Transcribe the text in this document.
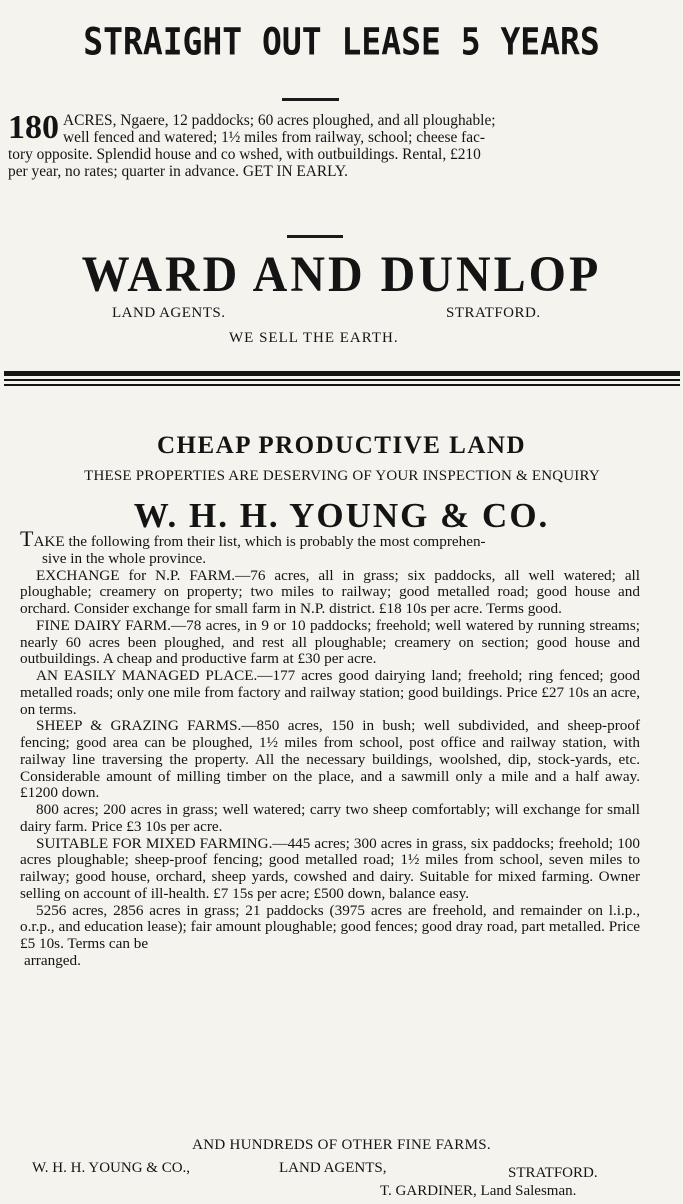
STRAIGHT OUT LEASE 5 YEARS
180 ACRES, Ngaere, 12 paddocks; 60 acres ploughed, and all ploughable;
well fenced and watered; 1½ miles from railway, school; cheese fac-
tory opposite. Splendid house and co wshed, with outbuildings. Rental, £210
per year, no rates; quarter in advance. GET IN EARLY.
WARD AND DUNLOP
LAND AGENTS.	STRATFORD.
WE SELL THE EARTH.
CHEAP PRODUCTIVE LAND
THESE PROPERTIES ARE DESERVING OF YOUR INSPECTION & ENQUIRY
W. H. H. YOUNG & CO.
TAKE the following from their list, which is probably the most comprehen-
sive in the whole province.
EXCHANGE for N.P. FARM.—76 acres, all in grass; six paddocks, all well watered; all ploughable; creamery on property; two miles to railway; good metalled road; good house and orchard. Consider exchange for small farm in N.P. district. £18 10s per acre. Terms good.
FINE DAIRY FARM.—78 acres, in 9 or 10 paddocks; freehold; well watered by running streams; nearly 60 acres been ploughed, and rest all ploughable; creamery on section; good house and outbuildings. A cheap and productive farm at £30 per acre.
AN EASILY MANAGED PLACE.—177 acres good dairying land; freehold; ring fenced; good metalled roads; only one mile from factory and railway station; good buildings. Price £27 10s an acre, on terms.
SHEEP & GRAZING FARMS.—850 acres, 150 in bush; well subdivided, and sheep-proof fencing; good area can be ploughed, 1½ miles from school, post office and railway station, with railway line traversing the property. All the necessary buildings, woolshed, dip, stock-yards, etc. Considerable amount of milling timber on the place, and a sawmill only a mile and a half away. £1200 down.
800 acres; 200 acres in grass; well watered; carry two sheep comfortably; will exchange for small dairy farm. Price £3 10s per acre.
SUITABLE FOR MIXED FARMING.—445 acres; 300 acres in grass, six paddocks; freehold; 100 acres ploughable; sheep-proof fencing; good metalled road; 1½ miles from school, seven miles to railway; good house, orchard, sheep yards, cowshed and dairy. Suitable for mixed farming. Owner selling on account of ill-health. £7 15s per acre; £500 down, balance easy.
5256 acres, 2856 acres in grass; 21 paddocks (3975 acres are freehold, and remainder on l.i.p., o.r.p., and education lease); fair amount ploughable; good fences; good dray road, part metalled. Price £5 10s. Terms can be
arranged.
AND HUNDREDS OF OTHER FINE FARMS.
W. H. H. YOUNG & CO.,	LAND AGENTS,	STRATFORD.
T. GARDINER, Land Salesman.
